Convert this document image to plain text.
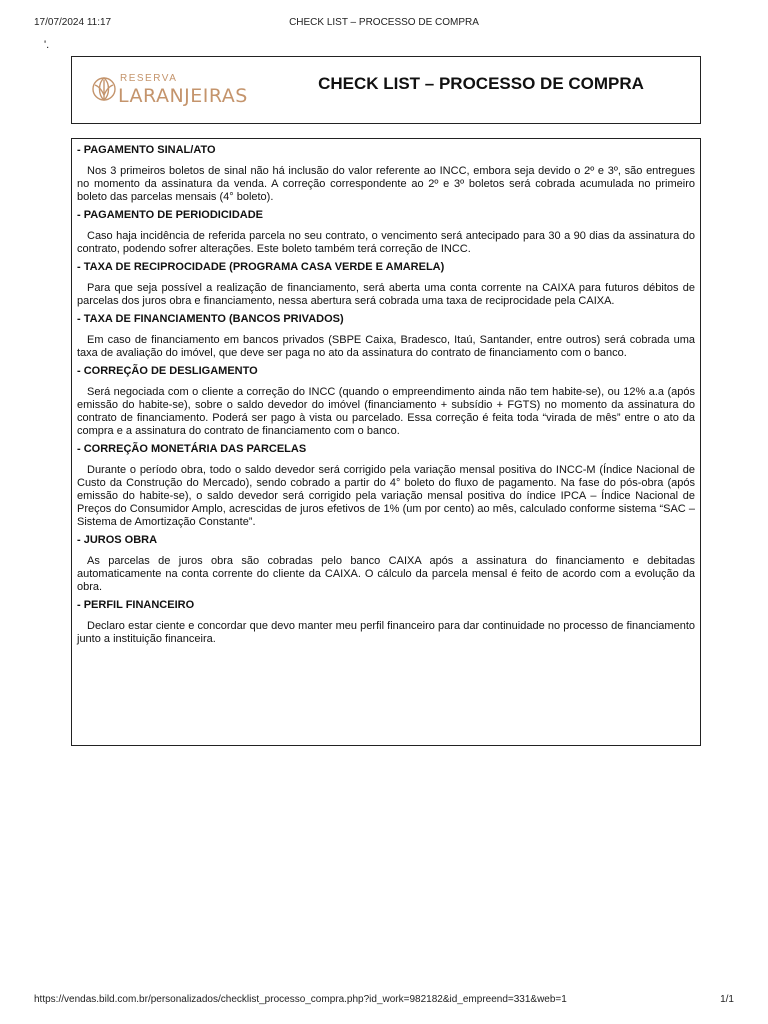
17/07/2024 11:17	CHECK LIST – PROCESSO DE COMPRA
'.
RESERVA
LARANJEIRAS
CHECK LIST – PROCESSO DE COMPRA

- PAGAMENTO SINAL/ATO

Nos 3 primeiros boletos de sinal não há inclusão do valor referente ao INCC, embora seja devido o 2º e 3º, são entregues no momento da assinatura da venda. A correção correspondente ao 2º e 3º boletos será cobrada acumulada no primeiro boleto das parcelas mensais (4° boleto).

- PAGAMENTO DE PERIODICIDADE

Caso haja incidência de referida parcela no seu contrato, o vencimento será antecipado para 30 a 90 dias da assinatura do contrato, podendo sofrer alterações. Este boleto também terá correção de INCC.

- TAXA DE RECIPROCIDADE (PROGRAMA CASA VERDE E AMARELA)

Para que seja possível a realização de financiamento, será aberta uma conta corrente na CAIXA para futuros débitos de parcelas dos juros obra e financiamento, nessa abertura será cobrada uma taxa de reciprocidade pela CAIXA.

- TAXA DE FINANCIAMENTO (BANCOS PRIVADOS)

Em caso de financiamento em bancos privados (SBPE Caixa, Bradesco, Itaú, Santander, entre outros) será cobrada uma taxa de avaliação do imóvel, que deve ser paga no ato da assinatura do contrato de financiamento com o banco.

- CORREÇÃO DE DESLIGAMENTO

Será negociada com o cliente a correção do INCC (quando o empreendimento ainda não tem habite-se), ou 12% a.a (após emissão do habite-se), sobre o saldo devedor do imóvel (financiamento + subsídio + FGTS) no momento da assinatura do contrato de financiamento. Poderá ser pago à vista ou parcelado. Essa correção é feita toda “virada de mês” entre o ato da compra e a assinatura do contrato de financiamento com o banco.

- CORREÇÃO MONETÁRIA DAS PARCELAS

Durante o período obra, todo o saldo devedor será corrigido pela variação mensal positiva do INCC-M (Índice Nacional de Custo da Construção do Mercado), sendo cobrado a partir do 4° boleto do fluxo de pagamento. Na fase do pós-obra (após emissão do habite-se), o saldo devedor será corrigido pela variação mensal positiva do índice IPCA – Índice Nacional de Preços do Consumidor Amplo, acrescidas de juros efetivos de 1% (um por cento) ao mês, calculado conforme sistema “SAC – Sistema de Amortização Constante”.

- JUROS OBRA

As parcelas de juros obra são cobradas pelo banco CAIXA após a assinatura do financiamento e debitadas automaticamente na conta corrente do cliente da CAIXA. O cálculo da parcela mensal é feito de acordo com a evolução da obra.

- PERFIL FINANCEIRO

Declaro estar ciente e concordar que devo manter meu perfil financeiro para dar continuidade no processo de financiamento junto a instituição financeira.

https://vendas.bild.com.br/personalizados/checklist_processo_compra.php?id_work=982182&id_empreend=331&web=1	1/1
